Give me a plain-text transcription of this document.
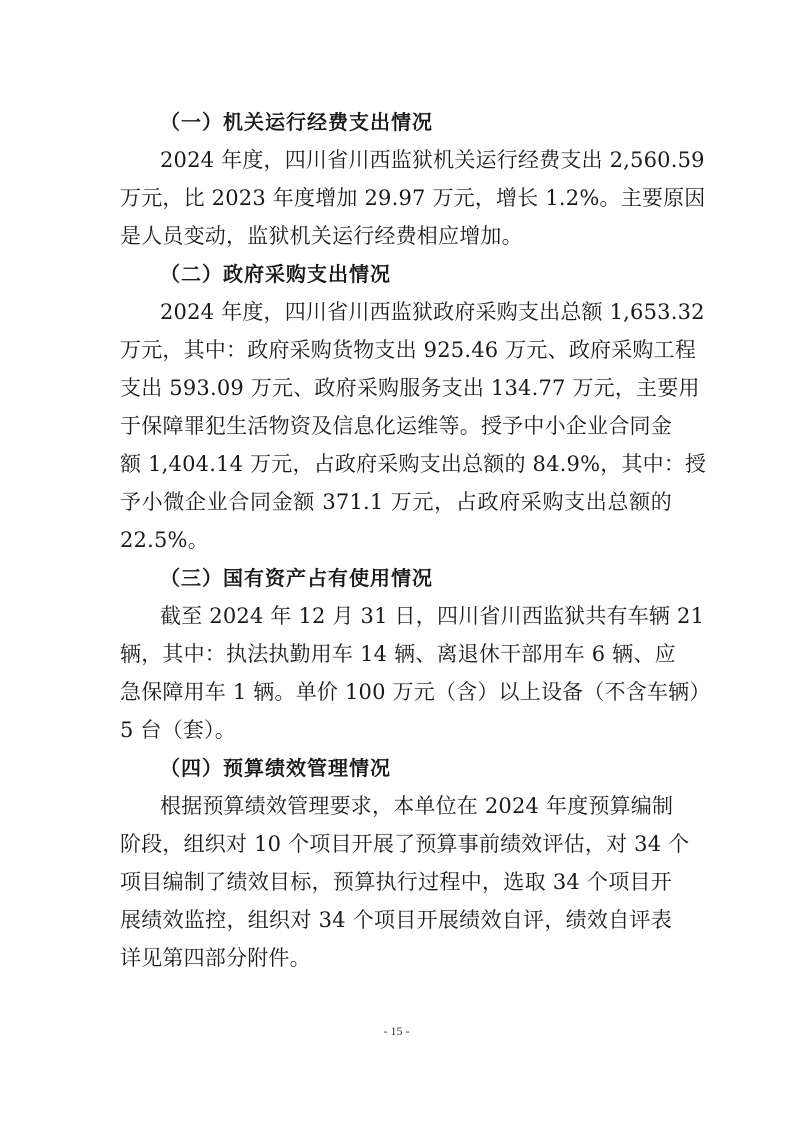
（一）机关运行经费支出情况
2024 年度，四川省川西监狱机关运行经费支出 2,560.59
万元，比 2023 年度增加 29.97 万元，增长 1.2%。主要原因
是人员变动，监狱机关运行经费相应增加。
（二）政府采购支出情况
2024 年度，四川省川西监狱政府采购支出总额 1,653.32
万元，其中：政府采购货物支出 925.46 万元、政府采购工程
支出 593.09 万元、政府采购服务支出 134.77 万元，主要用
于保障罪犯生活物资及信息化运维等。授予中小企业合同金
额 1,404.14 万元，占政府采购支出总额的 84.9%，其中：授
予小微企业合同金额 371.1 万元，占政府采购支出总额的
22.5%。
（三）国有资产占有使用情况
截至 2024 年 12 月 31 日，四川省川西监狱共有车辆 21
辆，其中：执法执勤用车 14 辆、离退休干部用车 6 辆、应
急保障用车 1 辆。单价 100 万元（含）以上设备（不含车辆）
5 台（套）。
（四）预算绩效管理情况
根据预算绩效管理要求，本单位在 2024 年度预算编制
阶段，组织对 10 个项目开展了预算事前绩效评估，对 34 个
项目编制了绩效目标，预算执行过程中，选取 34 个项目开
展绩效监控，组织对 34 个项目开展绩效自评，绩效自评表
详见第四部分附件。
- 15 -
